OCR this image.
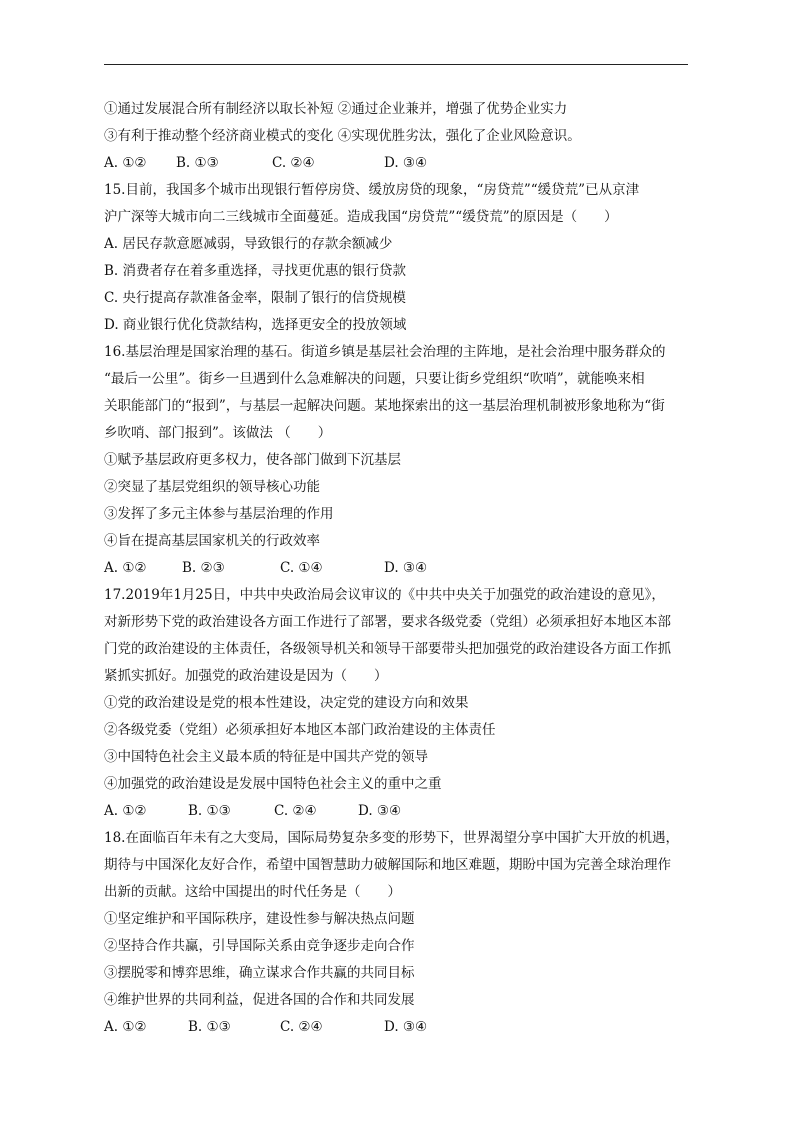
①通过发展混合所有制经济以取长补短 ②通过企业兼并，增强了优势企业实力
③有利于推动整个经济商业模式的变化 ④实现优胜劣汰，强化了企业风险意识。
A. ①② B. ①③	C. ②④	D. ③④
15.目前，我国多个城市出现银行暂停房贷、缓放房贷的现象，“房贷荒”“缓贷荒”已从京津
沪广深等大城市向二三线城市全面蔓延。造成我国“房贷荒”“缓贷荒”的原因是（　　）
A. 居民存款意愿减弱，导致银行的存款余额减少
B. 消费者存在着多重选择，寻找更优惠的银行贷款
C. 央行提高存款准备金率，限制了银行的信贷规模
D. 商业银行优化贷款结构，选择更安全的投放领域
16.基层治理是国家治理的基石。街道乡镇是基层社会治理的主阵地，是社会治理中服务群众的
“最后一公里”。街乡一旦遇到什么急难解决的问题，只要让街乡党组织“吹哨”，就能唤来相
关职能部门的“报到”，与基层一起解决问题。某地探索出的这一基层治理机制被形象地称为“街
乡吹哨、部门报到”。该做法 （　　）
①赋予基层政府更多权力，使各部门做到下沉基层
②突显了基层党组织的领导核心功能
③发挥了多元主体参与基层治理的作用
④旨在提高基层国家机关的行政效率
A. ①②	B. ②③	C. ①④	D. ③④
17.2019年1月25日，中共中央政治局会议审议的《中共中央关于加强党的政治建设的意见》，
对新形势下党的政治建设各方面工作进行了部署，要求各级党委（党组）必须承担好本地区本部
门党的政治建设的主体责任，各级领导机关和领导干部要带头把加强党的政治建设各方面工作抓
紧抓实抓好。加强党的政治建设是因为（　　）
①党的政治建设是党的根本性建设，决定党的建设方向和效果
②各级党委（党组）必须承担好本地区本部门政治建设的主体责任
③中国特色社会主义最本质的特征是中国共产党的领导
④加强党的政治建设是发展中国特色社会主义的重中之重
A. ①②	B. ①③	C. ②④	D. ③④
18.在面临百年未有之大变局，国际局势复杂多变的形势下，世界渴望分享中国扩大开放的机遇，
期待与中国深化友好合作，希望中国智慧助力破解国际和地区难题，期盼中国为完善全球治理作
出新的贡献。这给中国提出的时代任务是（　　）
①坚定维护和平国际秩序，建设性参与解决热点问题
②坚持合作共赢，引导国际关系由竞争逐步走向合作
③摆脱零和博弈思维，确立谋求合作共赢的共同目标
④维护世界的共同利益，促进各国的合作和共同发展
A. ①②	B. ①③	C. ②④	D. ③④
